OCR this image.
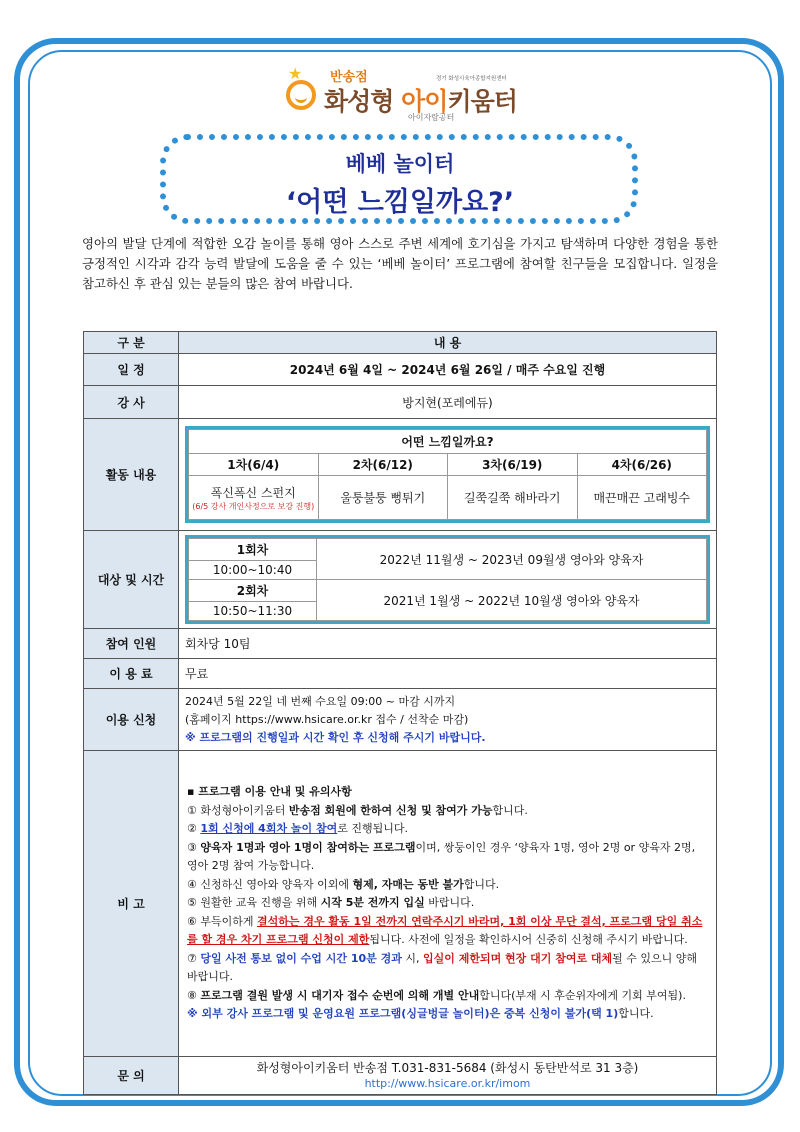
★ 반송점	경기 화성시육아종합지원센터
화성형 아이키움터
아이자람공터
베베 놀이터
‘어떤 느낌일까요?’
영아의 발달 단계에 적합한 오감 놀이를 통해 영아 스스로 주변 세계에 호기심을 가지고 탐색하며 다양한 경험을 통한 긍정적인 시각과 감각 능력 발달에 도움을 줄 수 있는 ‘베베 놀이터’ 프로그램에 참여할 친구들을 모집합니다. 일정을 참고하신 후 관심 있는 분들의 많은 참여 바랍니다.
구 분	내 용
일 정	2024년 6월 4일 ~ 2024년 6월 26일 / 매주 수요일 진행
강 사	방지현(포레에듀)
활동 내용	
어떤 느낌일까요?
1차(6/4)	2차(6/12)	3차(6/19)	4차(6/26)
폭신폭신 스펀지
(6/5 강사 개인사정으로 보강 진행)
	울퉁불퉁 뻥튀기	길쭉길쭉 해바라기	매끈매끈 고래빙수

대상 및 시간	
1회차	2022년 11월생 ~ 2023년 09월생 영아와 양육자
10:00~10:40
2회차	2021년 1월생 ~ 2022년 10월생 영아와 양육자
10:50~11:30

참여 인원	회차당 10팀
이 용 료	무료
이용 신청	
2024년 5월 22일 네 번째 수요일 09:00 ~ 마감 시까지
(홈페이지 https://www.hsicare.or.kr 접수 / 선착순 마감)
※ 프로그램의 진행일과 시간 확인 후 신청해 주시기 바랍니다.

비 고	

▪ 프로그램 이용 안내 및 유의사항

① 화성형아이키움터 반송점 회원에 한하여 신청 및 참여가 가능합니다.

② 1회 신청에 4회차 놀이 참여로 진행됩니다.

③ 양육자 1명과 영아 1명이 참여하는 프로그램이며, 쌍둥이인 경우 ‘양육자 1명, 영아 2명 or 양육자 2명, 영아 2명 참여 가능합니다.

④ 신청하신 영아와 양육자 이외에 형제, 자매는 동반 불가합니다.

⑤ 원활한 교육 진행을 위해 시작 5분 전까지 입실 바랍니다.

⑥ 부득이하게 결석하는 경우 활동 1일 전까지 연락주시기 바라며, 1회 이상 무단 결석, 프로그램 당일 취소를 할 경우 차기 프로그램 신청이 제한됩니다. 사전에 일정을 확인하시어 신중히 신청해 주시기 바랍니다.

⑦ 당일 사전 통보 없이 수업 시간 10분 경과 시, 입실이 제한되며 현장 대기 참여로 대체될 수 있으니 양해 바랍니다.

⑧ 프로그램 결원 발생 시 대기자 접수 순번에 의해 개별 안내합니다(부재 시 후순위자에게 기회 부여됨).

※ 외부 강사 프로그램 및 운영요원 프로그램(싱글벙글 놀이터)은 중복 신청이 불가(택 1)합니다.

문 의	
화성형아이키움터 반송점 T.031-831-5684 (화성시 동탄반석로 31 3층)
http://www.hsicare.or.kr/imom
